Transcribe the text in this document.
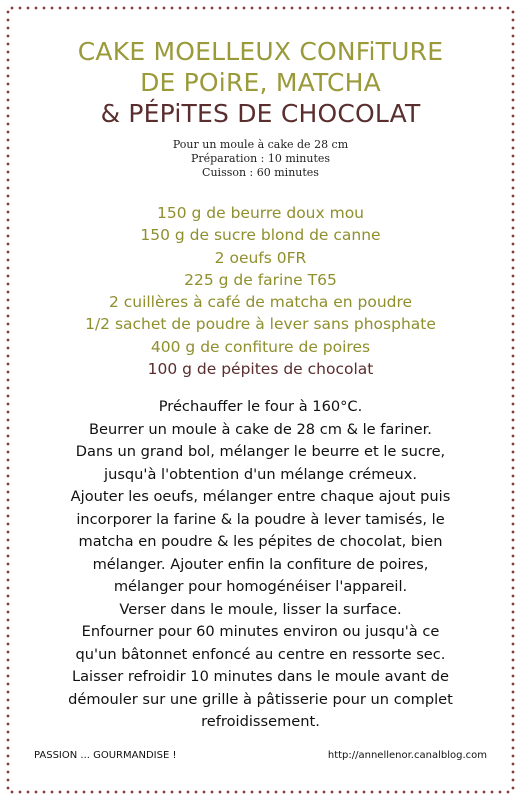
CAKE MOELLEUX CONFiTURE
DE POiRE, MATCHA
& PÉPiTES DE CHOCOLAT
Pour un moule à cake de 28 cm
Préparation : 10 minutes
Cuisson : 60 minutes
150 g de beurre doux mou
150 g de sucre blond de canne
2 oeufs 0FR
225 g de farine T65
2 cuillères à café de matcha en poudre
1/2 sachet de poudre à lever sans phosphate
400 g de confiture de poires
100 g de pépites de chocolat
Préchauffer le four à 160°C.
Beurrer un moule à cake de 28 cm & le fariner.
Dans un grand bol, mélanger le beurre et le sucre,
jusqu'à l'obtention d'un mélange crémeux.
Ajouter les oeufs, mélanger entre chaque ajout puis
incorporer la farine & la poudre à lever tamisés, le
matcha en poudre & les pépites de chocolat, bien
mélanger. Ajouter enfin la confiture de poires,
mélanger pour homogénéiser l'appareil.
Verser dans le moule, lisser la surface.
Enfourner pour 60 minutes environ ou jusqu'à ce
qu'un bâtonnet enfoncé au centre en ressorte sec.
Laisser refroidir 10 minutes dans le moule avant de
démouler sur une grille à pâtisserie pour un complet
refroidissement.
PASSION ... GOURMANDISE !	http://annellenor.canalblog.com
